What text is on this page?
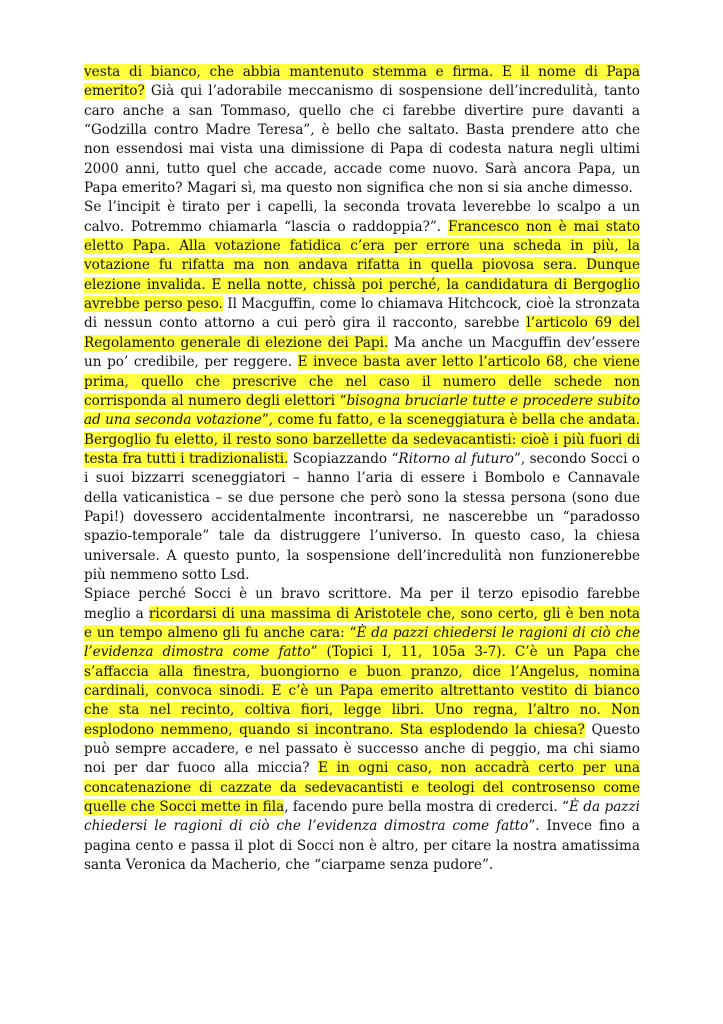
vesta di bianco, che abbia mantenuto stemma e firma. E il nome di Papa emerito? Già qui l’adorabile meccanismo di sospensione dell’incredulità, tanto caro anche a san Tommaso, quello che ci farebbe divertire pure davanti a “Godzilla contro Madre Teresa”, è bello che saltato. Basta prendere atto che non essendosi mai vista una dimissione di Papa di codesta natura negli ultimi 2000 anni, tutto quel che accade, accade come nuovo. Sarà ancora Papa, un Papa emerito? Magari sì, ma questo non significa che non si sia anche dimesso.

Se l’incipit è tirato per i capelli, la seconda trovata leverebbe lo scalpo a un calvo. Potremmo chiamarla “lascia o raddoppia?”. Francesco non è mai stato eletto Papa. Alla votazione fatidica c’era per errore una scheda in più, la votazione fu rifatta ma non andava rifatta in quella piovosa sera. Dunque elezione invalida. E nella notte, chissà poi perché, la candidatura di Bergoglio avrebbe perso peso. Il Macguffin, come lo chiamava Hitchcock, cioè la stronzata di nessun conto attorno a cui però gira il racconto, sarebbe l’articolo 69 del Regolamento generale di elezione dei Papi. Ma anche un Macguffin dev’essere un po’ credibile, per reggere. E invece basta aver letto l’articolo 68, che viene prima, quello che prescrive che nel caso il numero delle schede non corrisponda al numero degli elettori “bisogna bruciarle tutte e procedere subito ad una seconda votazione”, come fu fatto, e la sceneggiatura è bella che andata. Bergoglio fu eletto, il resto sono barzellette da sedevacantisti: cioè i più fuori di testa fra tutti i tradizionalisti. Scopiazzando “Ritorno al futuro”, secondo Socci o i suoi bizzarri sceneggiatori – hanno l’aria di essere i Bombolo e Cannavale della vaticanistica – se due persone che però sono la stessa persona (sono due Papi!) dovessero accidentalmente incontrarsi, ne nascerebbe un “paradosso spazio-temporale” tale da distruggere l’universo. In questo caso, la chiesa universale. A questo punto, la sospensione dell’incredulità non funzionerebbe più nemmeno sotto Lsd.

Spiace perché Socci è un bravo scrittore. Ma per il terzo episodio farebbe meglio a ricordarsi di una massima di Aristotele che, sono certo, gli è ben nota e un tempo almeno gli fu anche cara: “È da pazzi chiedersi le ragioni di ciò che l’evidenza dimostra come fatto” (Topici I, 11, 105a 3-7). C’è un Papa che s’affaccia alla finestra, buongiorno e buon pranzo, dice l’Angelus, nomina cardinali, convoca sinodi. E c’è un Papa emerito altrettanto vestito di bianco che sta nel recinto, coltiva fiori, legge libri. Uno regna, l’altro no. Non esplodono nemmeno, quando si incontrano. Sta esplodendo la chiesa? Questo può sempre accadere, e nel passato è successo anche di peggio, ma chi siamo noi per dar fuoco alla miccia? E in ogni caso, non accadrà certo per una concatenazione di cazzate da sedevacantisti e teologi del controsenso come quelle che Socci mette in fila, facendo pure bella mostra di crederci. “È da pazzi chiedersi le ragioni di ciò che l’evidenza dimostra come fatto”. Invece fino a pagina cento e passa il plot di Socci non è altro, per citare la nostra amatissima santa Veronica da Macherio, che “ciarpame senza pudore”.
